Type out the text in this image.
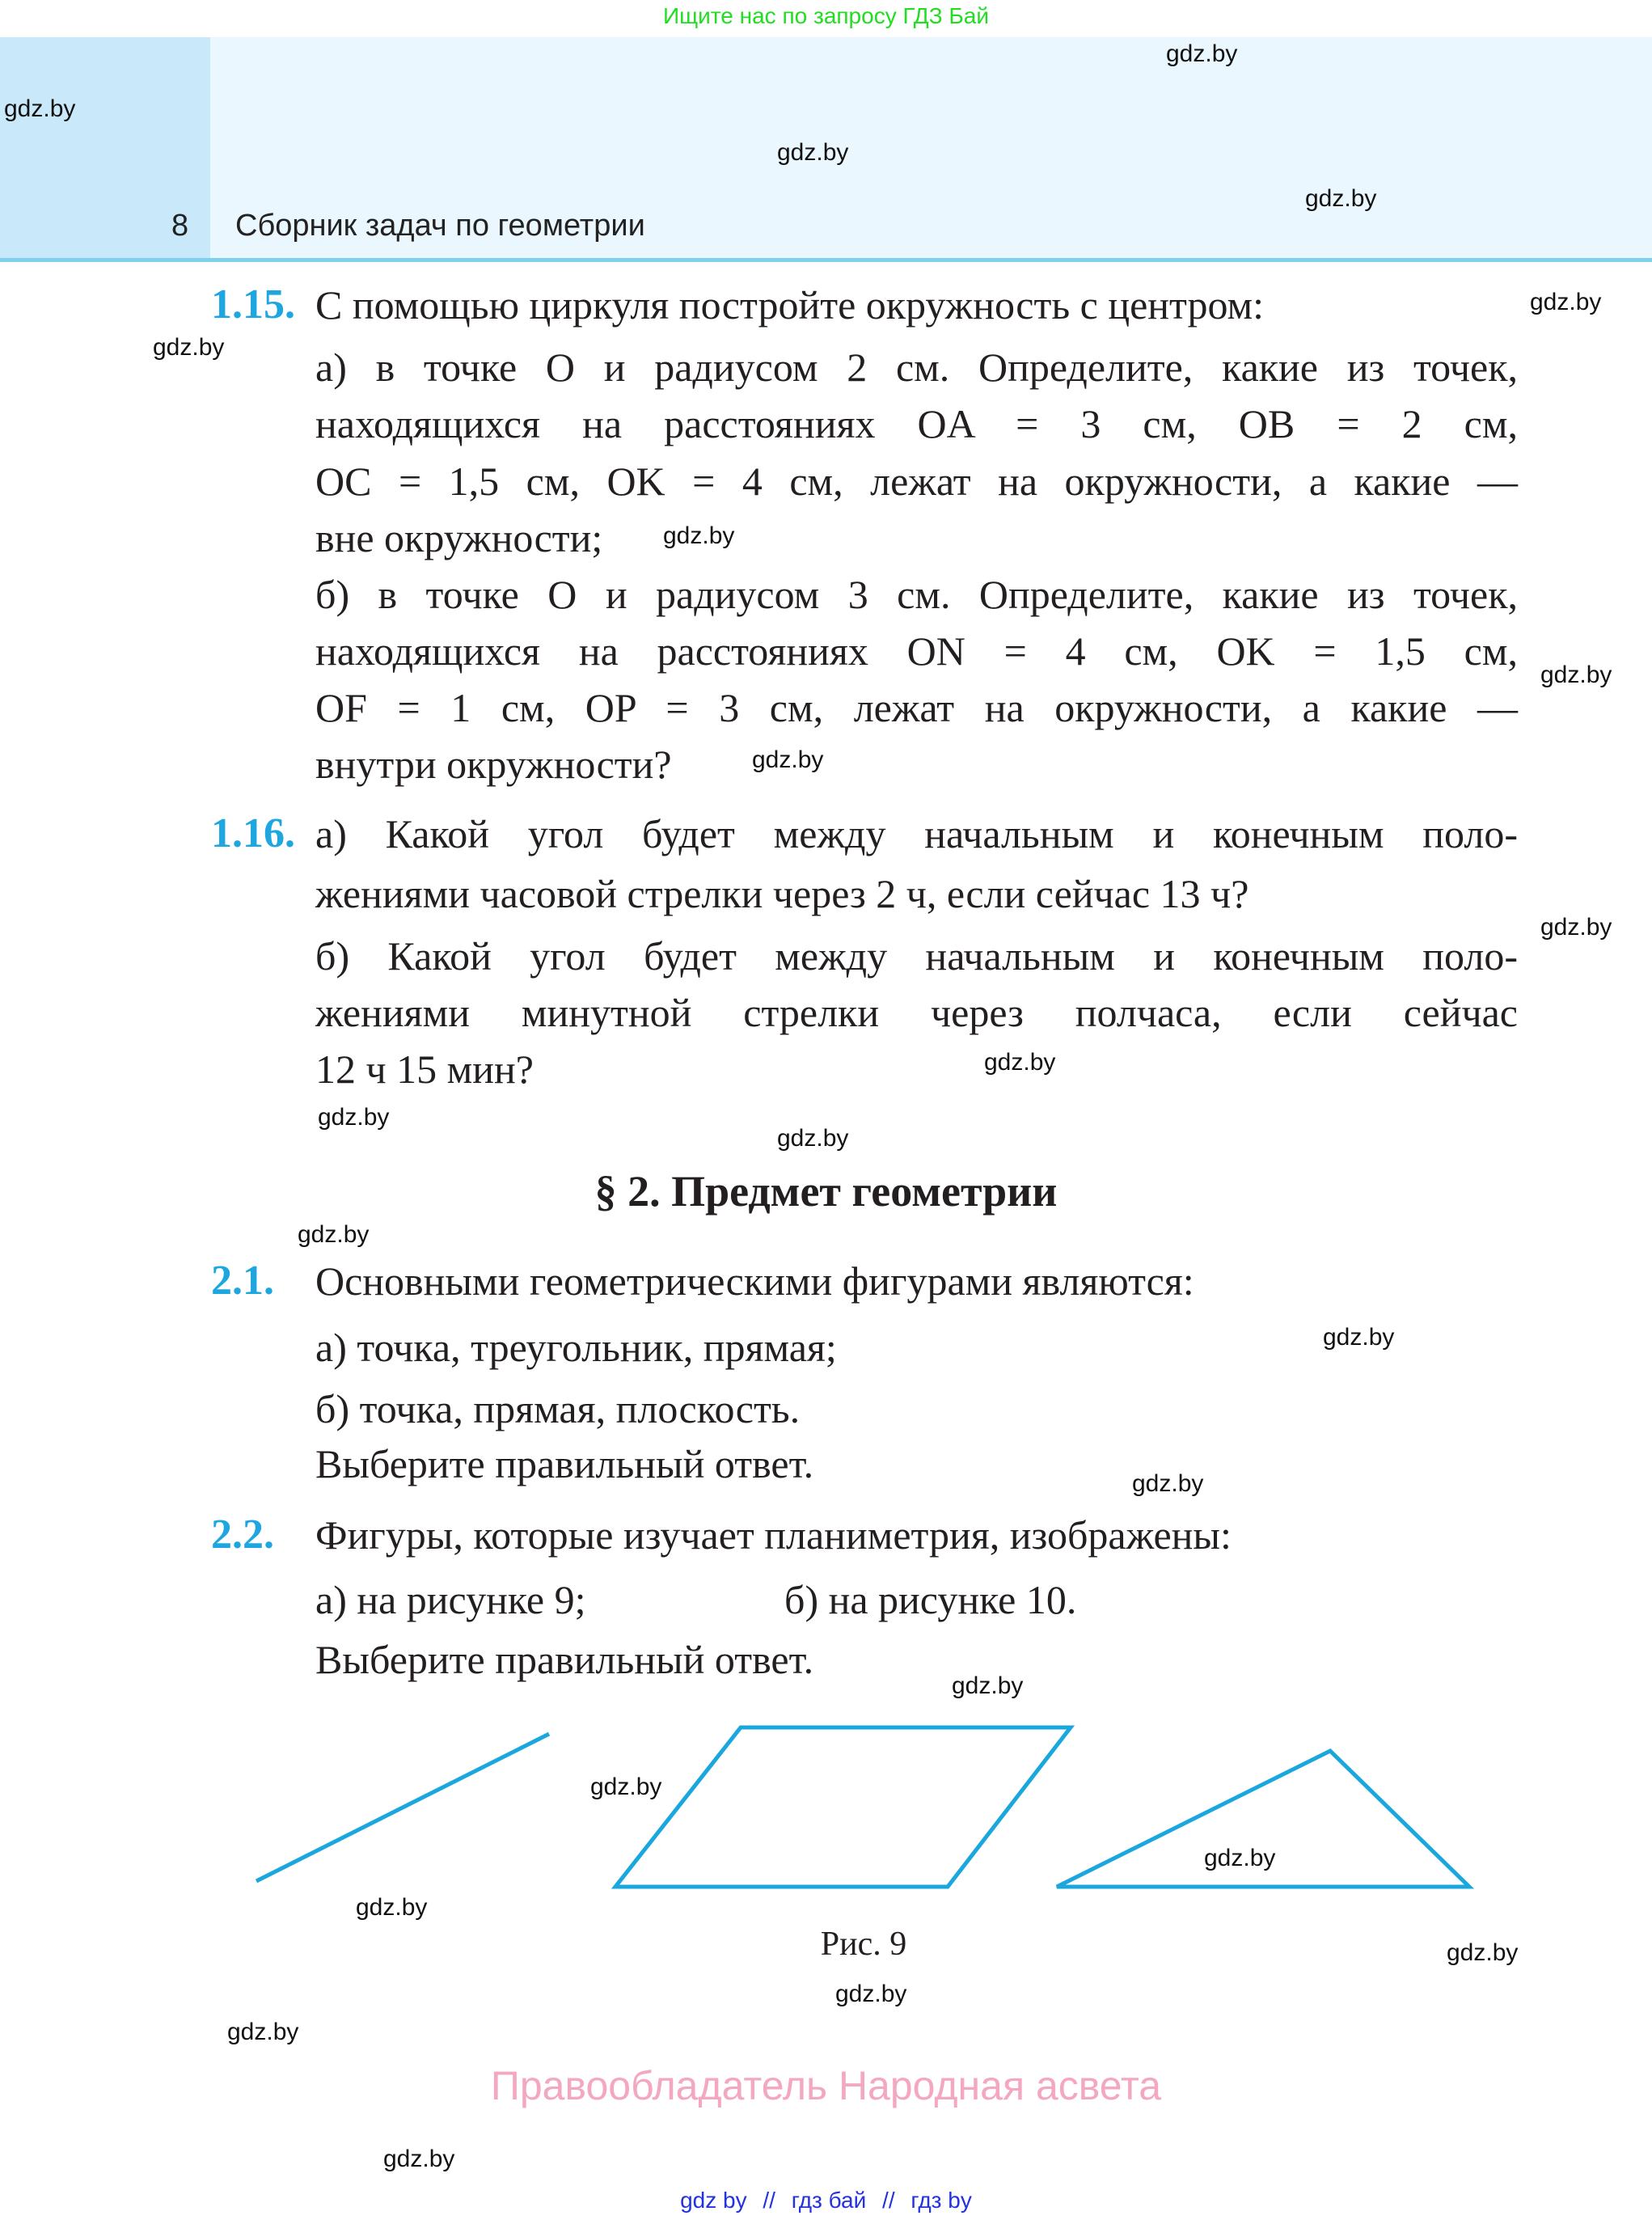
Ищите нас по запросу ГДЗ Бай
8 Сборник задач по геометрии
1.15. С помощью циркуля постройте окружность с центром:
а) в точке O и радиусом 2 см. Определите, какие из точек,
находящихся на расстояниях OA = 3 см, OB = 2 см,
OC = 1,5 см, OK = 4 см, лежат на окружности, а какие —
вне окружности;
б) в точке O и радиусом 3 см. Определите, какие из точек,
находящихся на расстояниях ON = 4 см, OK = 1,5 см,
OF = 1 см, OP = 3 см, лежат на окружности, а какие —
внутри окружности?
1.16. а) Какой угол будет между начальным и конечным поло-
жениями часовой стрелки через 2 ч, если сейчас 13 ч?
б) Какой угол будет между начальным и конечным поло-
жениями минутной стрелки через полчаса, если сейчас
12 ч 15 мин?
§ 2. Предмет геометрии
2.1. Основными геометрическими фигурами являются:
а) точка, треугольник, прямая;
б) точка, прямая, плоскость.
Выберите правильный ответ.
2.2. Фигуры, которые изучает планиметрия, изображены:
а) на рисунке 9;	б) на рисунке 10.
Выберите правильный ответ.
Рис. 9
gdz.by
gdz.by
gdz.by
gdz.by
gdz.by
gdz.by
gdz.by
gdz.by
gdz.by
gdz.by
gdz.by
gdz.by
gdz.by
gdz.by
gdz.by
gdz.by
gdz.by
gdz.by
gdz.by
gdz.by
gdz.by
gdz.by
gdz.by
gdz.by
Правообладатель Народная асвета
gdz by // гдз бай // гдз by
